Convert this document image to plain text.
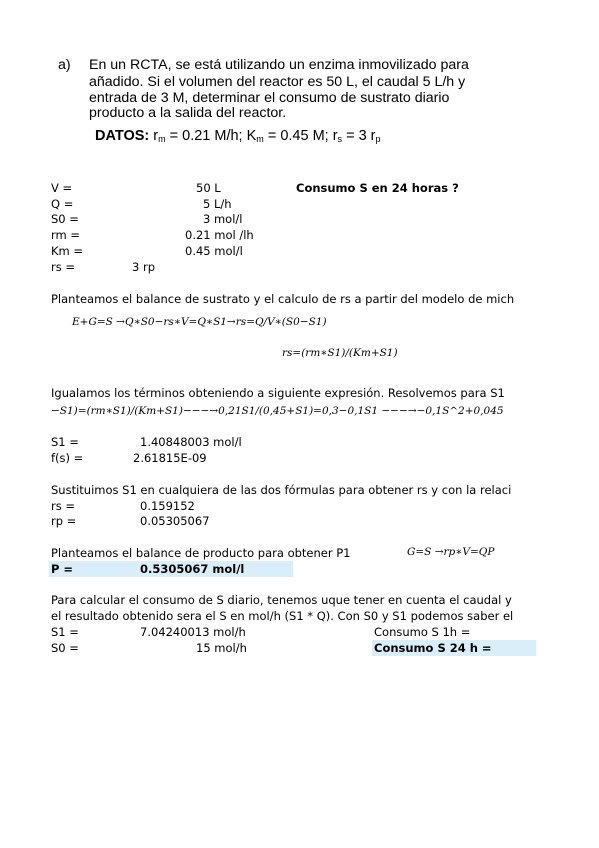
a) En un RCTA, se está utilizando un enzima inmovilizado para
añadido. Si el volumen del reactor es 50 L, el caudal 5 L/h y
entrada de 3 M, determinar el consumo de sustrato diario
producto a la salida del reactor.
DATOS: $r_m = 0.21$ M/h; $K_m = 0.45$ M; $r_s = 3$ $r_p$
V =	50 L	Consumo S en 24 horas ?
Q =	5 L/h
S0 =	3 mol/l
rm =	0.21 mol /lh
Km =	0.45 mol/l
rs =	3 rp
Planteamos el balance de sustrato y el calculo de rs a partir del modelo de mich
E+G=S →Q∗S0−rs∗V=Q∗S1→rs=Q/V∗(S0−S1)
rs=(rm∗S1)/(Km+S1)
Igualamos los términos obteniendo a siguiente expresión. Resolvemos para S1
−S1)=(rm∗S1)/(Km+S1)−−−→0,21S1/(0,45+S1)=0,3−0,1S1 −−−→−0,1S^2+0,045
S1 =	1.40848003 mol/l
f(s) =	2.61815E-09
Sustituimos S1 en cualquiera de las dos fórmulas para obtener rs y con la relaci
rs =	0.159152
rp =	0.05305067
Planteamos el balance de producto para obtener P1	G=S →rp∗V=QP
P =	0.5305067 mol/l
Para calcular el consumo de S diario, tenemos uque tener en cuenta el caudal y
el resultado obtenido sera el S en mol/h (S1 * Q). Con S0 y S1 podemos saber el
S1 =	7.04240013 mol/h	Consumo S 1h =
S0 =	15 mol/h	Consumo S 24 h =
